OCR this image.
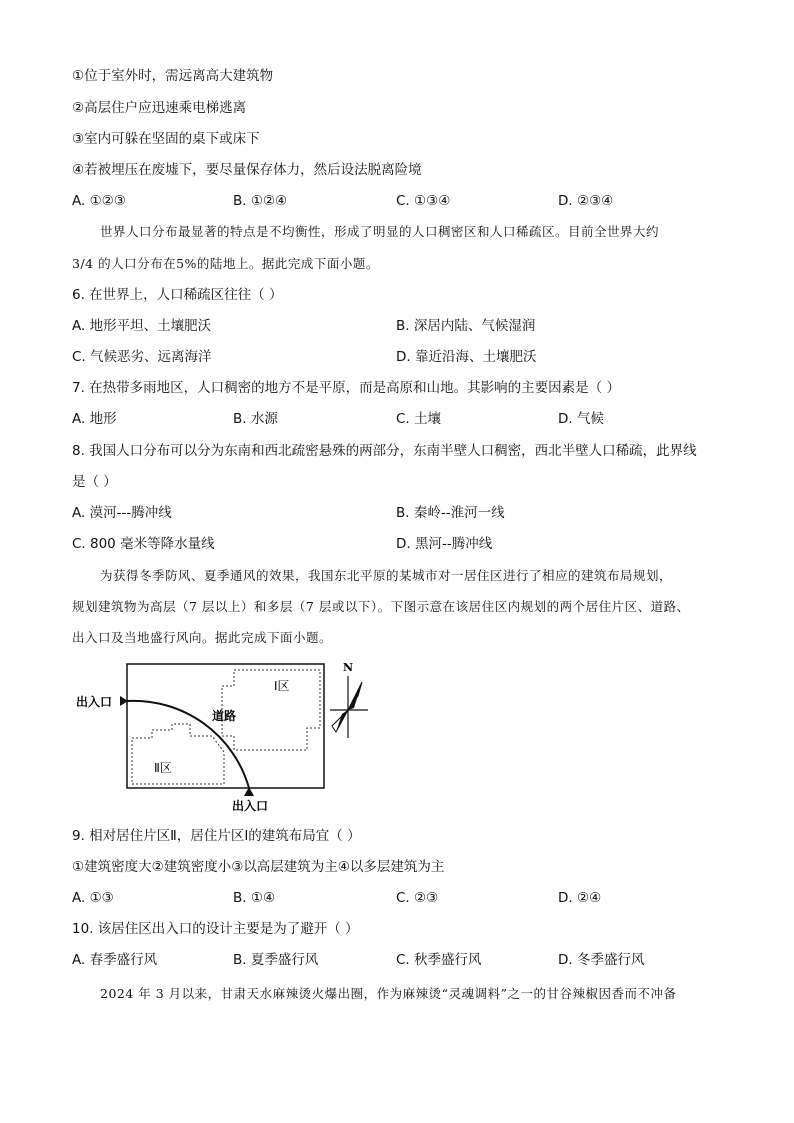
①位于室外时，需远离高大建筑物
②高层住户应迅速乘电梯逃离
③室内可躲在坚固的桌下或床下
④若被埋压在废墟下，要尽量保存体力，然后设法脱离险境
A. ①②③	B. ①②④	C. ①③④	D. ②③④
世界人口分布最显著的特点是不均衡性，形成了明显的人口稠密区和人口稀疏区。目前全世界大约
3/4 的人口分布在5%的陆地上。据此完成下面小题。
6. 在世界上，人口稀疏区往往（ ）
A. 地形平坦、土壤肥沃	B. 深居内陆、气候湿润
C. 气候恶劣、远离海洋	D. 靠近沿海、土壤肥沃
7. 在热带多雨地区，人口稠密的地方不是平原，而是高原和山地。其影响的主要因素是（ ）
A. 地形	B. 水源	C. 土壤	D. 气候
8. 我国人口分布可以分为东南和西北疏密悬殊的两部分，东南半壁人口稠密，西北半壁人口稀疏，此界线
是（ ）
A. 漠河---腾冲线	B. 秦岭--淮河一线
C. 800 毫米等降水量线	D. 黑河--腾冲线
为获得冬季防风、夏季通风的效果，我国东北平原的某城市对一居住区进行了相应的建筑布局规划，
规划建筑物为高层（7 层以上）和多层（7 层或以下）。下图示意在该居住区内规划的两个居住片区、道路、
出入口及当地盛行风向。据此完成下面小题。
出入口
出入口
道路
Ⅰ区
Ⅱ区
N
9. 相对居住片区Ⅱ，居住片区Ⅰ的建筑布局宜（ ）
①建筑密度大②建筑密度小③以高层建筑为主④以多层建筑为主
A. ①③	B. ①④	C. ②③	D. ②④
10. 该居住区出入口的设计主要是为了避开（ ）
A. 春季盛行风	B. 夏季盛行风	C. 秋季盛行风	D. 冬季盛行风
2024 年 3 月以来，甘肃天水麻辣烫火爆出圈，作为麻辣烫“灵魂调料”之一的甘谷辣椒因香而不冲备
